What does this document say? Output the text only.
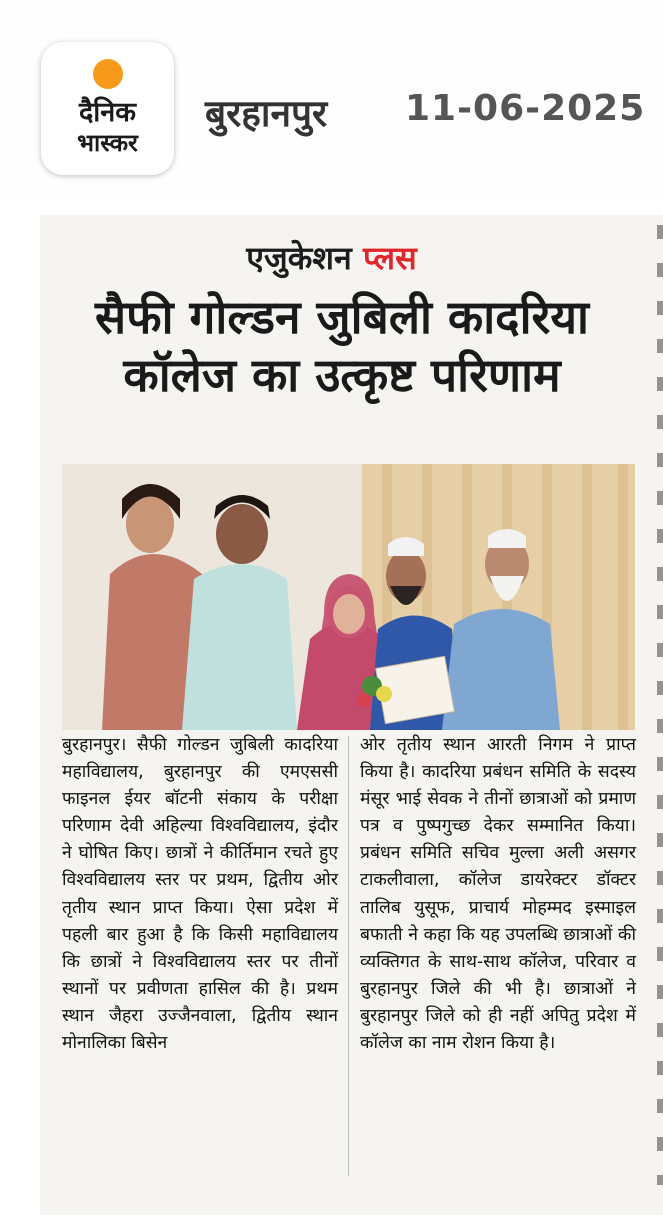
दैनिक
भास्कर
बुरहानपुर 11-06-2025
एजुकेशन प्लस
सैफी गोल्डन जुबिली कादरिया कॉलेज का उत्कृष्ट परिणाम
बुरहानपुर। सैफी गोल्डन जुबिली कादरिया महाविद्यालय, बुरहानपुर की एमएससी फाइनल ईयर बॉटनी संकाय के परीक्षा परिणाम देवी अहिल्या विश्वविद्यालय, इंदौर ने घोषित किए। छात्रों ने कीर्तिमान रचते हुए विश्वविद्यालय स्तर पर प्रथम, द्वितीय ओर तृतीय स्थान प्राप्त किया। ऐसा प्रदेश में पहली बार हुआ है कि किसी महाविद्यालय कि छात्रों ने विश्वविद्यालय स्तर पर तीनों स्थानों पर प्रवीणता हासिल की है। प्रथम स्थान जैहरा उज्जैनवाला, द्वितीय स्थान मोनालिका बिसेन
ओर तृतीय स्थान आरती निगम ने प्राप्त किया है। कादरिया प्रबंधन समिति के सदस्य मंसूर भाई सेवक ने तीनों छात्राओं को प्रमाण पत्र व पुष्पगुच्छ देकर सम्मानित किया। प्रबंधन समिति सचिव मुल्ला अली असगर टाकलीवाला, कॉलेज डायरेक्टर डॉक्टर तालिब युसूफ, प्राचार्य मोहम्मद इस्माइल बफाती ने कहा कि यह उपलब्धि छात्राओं की व्यक्तिगत के साथ-साथ कॉलेज, परिवार व बुरहानपुर जिले की भी है। छात्राओं ने बुरहानपुर जिले को ही नहीं अपितु प्रदेश में कॉलेज का नाम रोशन किया है।
